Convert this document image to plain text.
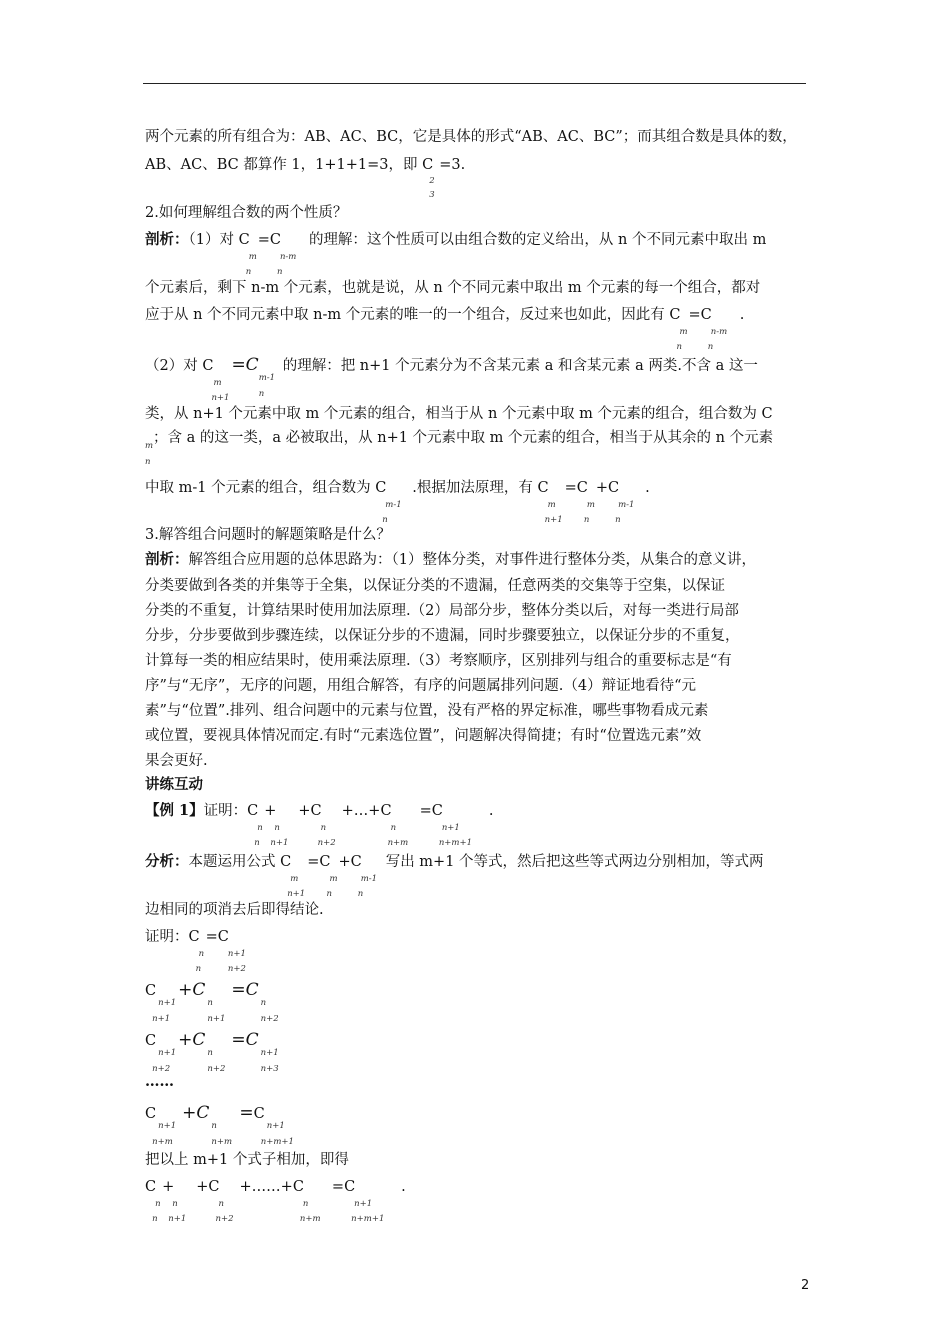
两个元素的所有组合为：AB、AC、BC，它是具体的形式“AB、AC、BC”；而其组合数是具体的数，
AB、AC、BC 都算作 1，1+1+1=3，即 C
2
3
=3.
2.如何理解组合数的两个性质？
剖析：（1）对 C
m
n
=C
n-m
n
的理解：这个性质可以由组合数的定义给出，从 n 个不同元素中取出 m
个元素后，剩下 n-m 个元素，也就是说，从 n 个不同元素中取出 m 个元素的每一个组合，都对
应于从 n 个不同元素中取 n-m 个元素的唯一的一个组合，反过来也如此，因此有 C
m
n
=C
n-m
n
.
（2）对 C
m
n+1
=C
m-1
n
的理解：把 n+1 个元素分为不含某元素 a 和含某元素 a 两类.不含 a 这一
类，从 n+1 个元素中取 m 个元素的组合，相当于从 n 个元素中取 m 个元素的组合，组合数为 C
m
n
；含 a 的这一类，a 必被取出，从 n+1 个元素中取 m 个元素的组合，相当于从其余的 n 个元素
中取 m-1 个元素的组合，组合数为 C
m-1
n
.根据加法原理，有 C
m
n+1
=C
m
n
+C
m-1
n
.
3.解答组合问题时的解题策略是什么？
剖析：解答组合应用题的总体思路为：（1）整体分类，对事件进行整体分类，从集合的意义讲，
分类要做到各类的并集等于全集，以保证分类的不遗漏，任意两类的交集等于空集，以保证
分类的不重复，计算结果时使用加法原理.（2）局部分步，整体分类以后，对每一类进行局部
分步，分步要做到步骤连续，以保证分步的不遗漏，同时步骤要独立，以保证分步的不重复，
计算每一类的相应结果时，使用乘法原理.（3）考察顺序，区别排列与组合的重要标志是“有
序”与“无序”，无序的问题，用组合解答，有序的问题属排列问题.（4）辩证地看待“元
素”与“位置”.排列、组合问题中的元素与位置，没有严格的界定标准，哪些事物看成元素
或位置，要视具体情况而定.有时“元素选位置”，问题解决得简捷；有时“位置选元素”效
果会更好.
讲练互动
【例 1】证明：C
n
n
+
n
n+1
+C
n
n+2
+…+C
n
n+m
=C
n+1
n+m+1
.
分析：本题运用公式 C
m
n+1
=C
m
n
+C
m-1
n
写出 m+1 个等式，然后把这些等式两边分别相加，等式两
边相同的项消去后即得结论.
证明：C
n
n
=C
n+1
n+2
C
n+1
n+1
+C
n
n+1
=C
n
n+2
C
n+1
n+2
+C
n
n+2
=C
n+1
n+3
……
C
n+1
n+m
+C
n
n+m
=C
n+1
n+m+1
把以上 m+1 个式子相加，即得
C
n
n
+
n
n+1
+C
n
n+2
+……+C
n
n+m
=C
n+1
n+m+1
.
2
